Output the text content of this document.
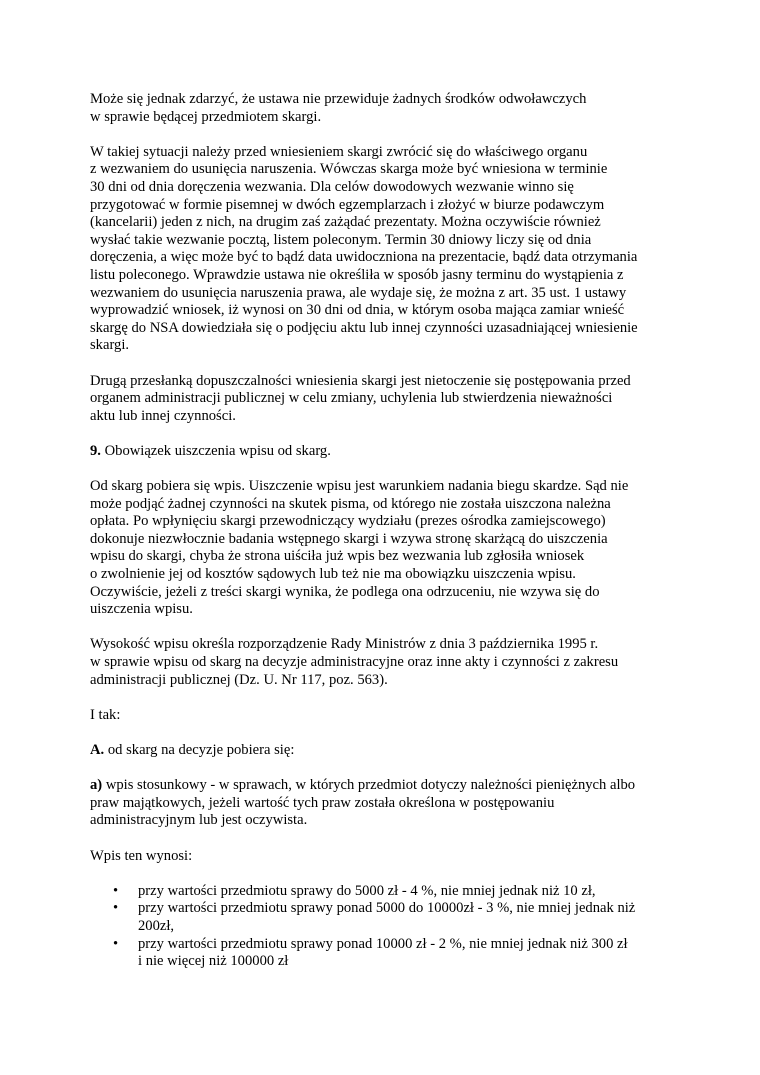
Może się jednak zdarzyć, że ustawa nie przewiduje żadnych środków odwoławczych
w sprawie będącej przedmiotem skargi.

W takiej sytuacji należy przed wniesieniem skargi zwrócić się do właściwego organu
z wezwaniem do usunięcia naruszenia. Wówczas skarga może być wniesiona w terminie
30 dni od dnia doręczenia wezwania. Dla celów dowodowych wezwanie winno się
przygotować w formie pisemnej w dwóch egzemplarzach i złożyć w biurze podawczym
(kancelarii) jeden z nich, na drugim zaś zażądać prezentaty. Można oczywiście również
wysłać takie wezwanie pocztą, listem poleconym. Termin 30 dniowy liczy się od dnia
doręczenia, a więc może być to bądź data uwidoczniona na prezentacie, bądź data otrzymania
listu poleconego. Wprawdzie ustawa nie określiła w sposób jasny terminu do wystąpienia z
wezwaniem do usunięcia naruszenia prawa, ale wydaje się, że można z art. 35 ust. 1 ustawy
wyprowadzić wniosek, iż wynosi on 30 dni od dnia, w którym osoba mająca zamiar wnieść
skargę do NSA dowiedziała się o podjęciu aktu lub innej czynności uzasadniającej wniesienie
skargi.

Drugą przesłanką dopuszczalności wniesienia skargi jest nietoczenie się postępowania przed
organem administracji publicznej w celu zmiany, uchylenia lub stwierdzenia nieważności
aktu lub innej czynności.

9. Obowiązek uiszczenia wpisu od skarg.

Od skarg pobiera się wpis. Uiszczenie wpisu jest warunkiem nadania biegu skardze. Sąd nie
może podjąć żadnej czynności na skutek pisma, od którego nie została uiszczona należna
opłata. Po wpłynięciu skargi przewodniczący wydziału (prezes ośrodka zamiejscowego)
dokonuje niezwłocznie badania wstępnego skargi i wzywa stronę skarżącą do uiszczenia
wpisu do skargi, chyba że strona uiściła już wpis bez wezwania lub zgłosiła wniosek
o zwolnienie jej od kosztów sądowych lub też nie ma obowiązku uiszczenia wpisu.
Oczywiście, jeżeli z treści skargi wynika, że podlega ona odrzuceniu, nie wzywa się do
uiszczenia wpisu.

Wysokość wpisu określa rozporządzenie Rady Ministrów z dnia 3 października 1995 r.
w sprawie wpisu od skarg na decyzje administracyjne oraz inne akty i czynności z zakresu
administracji publicznej (Dz. U. Nr 117, poz. 563).

I tak:

A. od skarg na decyzje pobiera się:

a) wpis stosunkowy - w sprawach, w których przedmiot dotyczy należności pieniężnych albo
praw majątkowych, jeżeli wartość tych praw została określona w postępowaniu
administracyjnym lub jest oczywista.

Wpis ten wynosi:

• przy wartości przedmiotu sprawy do 5000 zł - 4 %, nie mniej jednak niż 10 zł,
• przy wartości przedmiotu sprawy ponad 5000 do 10000zł - 3 %, nie mniej jednak niż
200zł,
• przy wartości przedmiotu sprawy ponad 10000 zł - 2 %, nie mniej jednak niż 300 zł
i nie więcej niż 100000 zł
